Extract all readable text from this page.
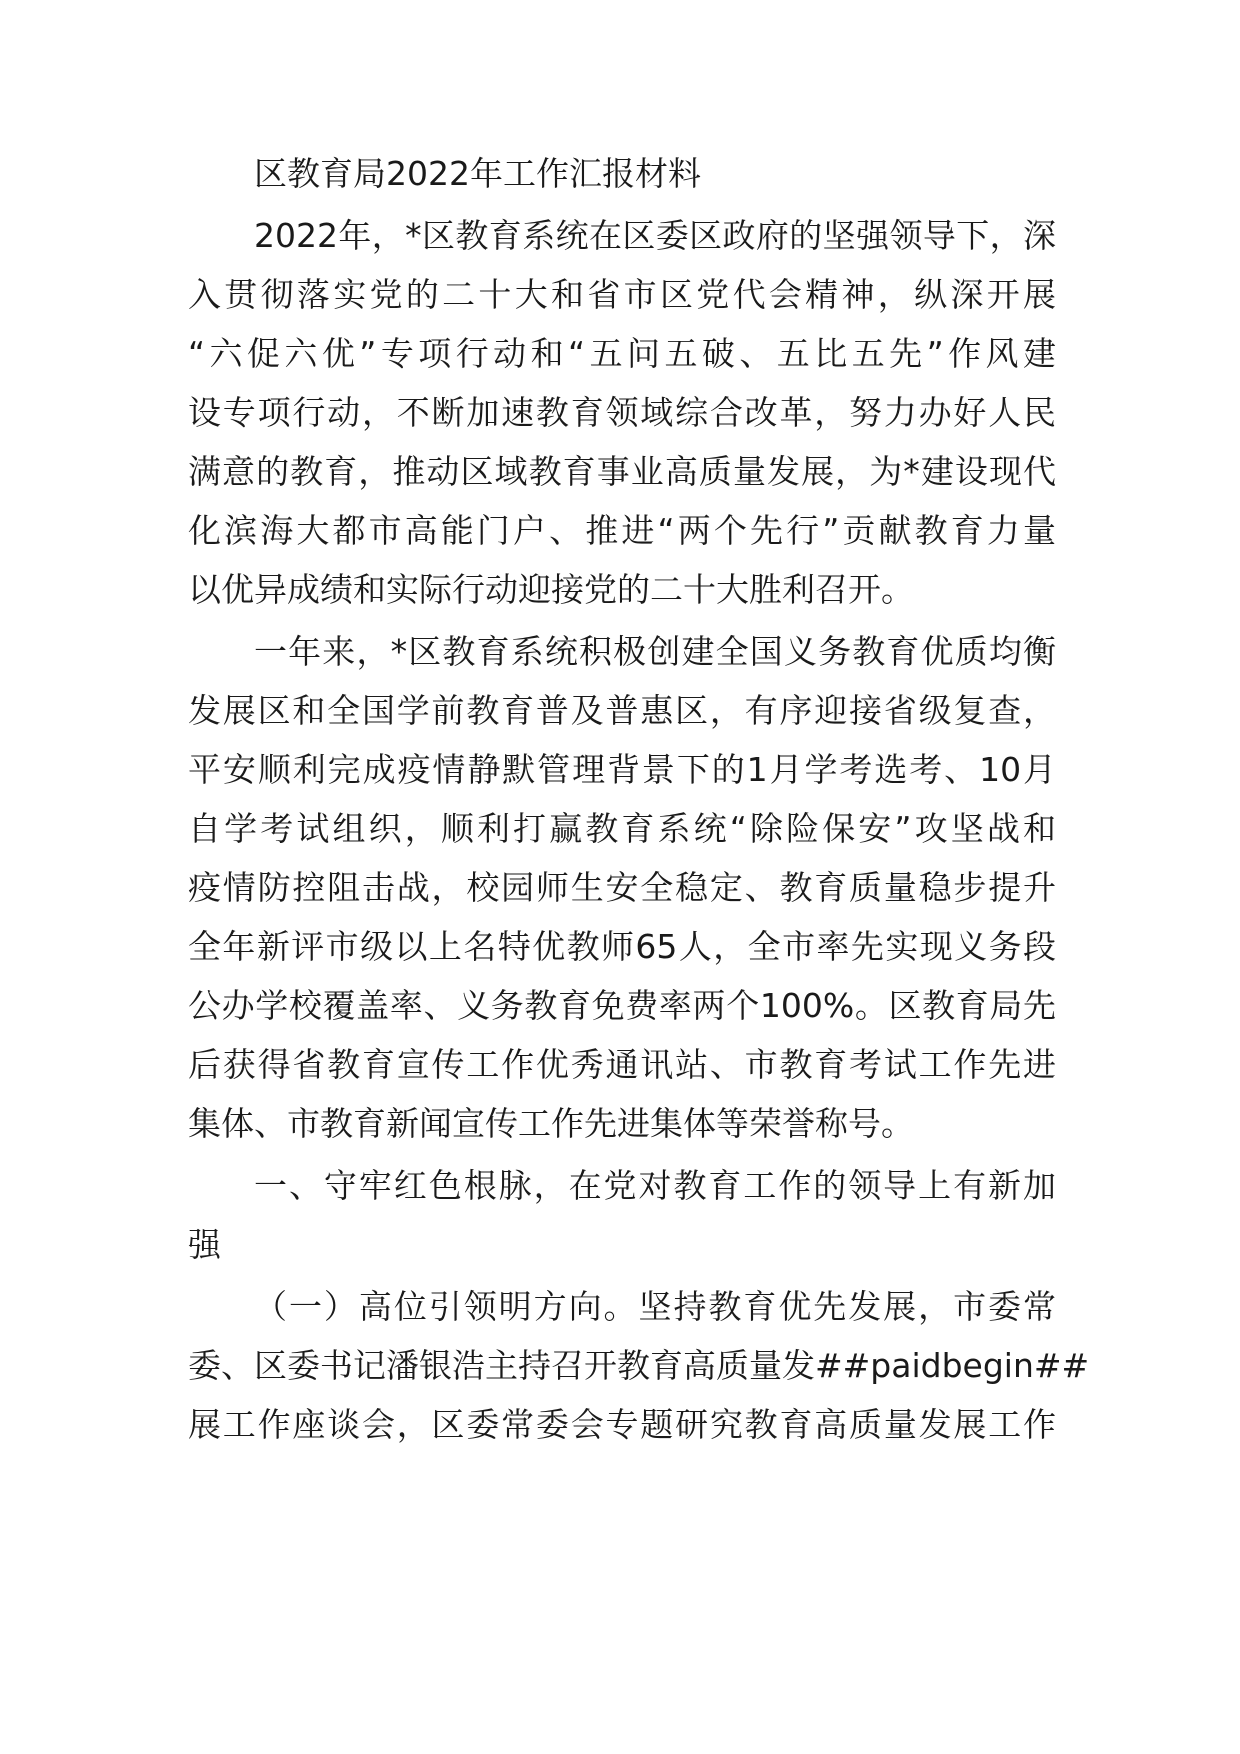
区教育局2022年工作汇报材料
2022年，*区教育系统在区委区政府的坚强领导下，深
入贯彻落实党的二十大和省市区党代会精神，纵深开展
“六促六优”专项行动和“五问五破、五比五先”作风建
设专项行动，不断加速教育领域综合改革，努力办好人民
满意的教育，推动区域教育事业高质量发展，为*建设现代
化滨海大都市高能门户、推进“两个先行”贡献教育力量
以优异成绩和实际行动迎接党的二十大胜利召开。
一年来，*区教育系统积极创建全国义务教育优质均衡
发展区和全国学前教育普及普惠区，有序迎接省级复查，
平安顺利完成疫情静默管理背景下的1月学考选考、10月
自学考试组织，顺利打赢教育系统“除险保安”攻坚战和
疫情防控阻击战，校园师生安全稳定、教育质量稳步提升
全年新评市级以上名特优教师65人，全市率先实现义务段
公办学校覆盖率、义务教育免费率两个100%。区教育局先
后获得省教育宣传工作优秀通讯站、市教育考试工作先进
集体、市教育新闻宣传工作先进集体等荣誉称号。
一、守牢红色根脉，在党对教育工作的领导上有新加
强
（一）高位引领明方向。坚持教育优先发展，市委常
委、区委书记潘银浩主持召开教育高质量发##paidbegin##
展工作座谈会，区委常委会专题研究教育高质量发展工作
